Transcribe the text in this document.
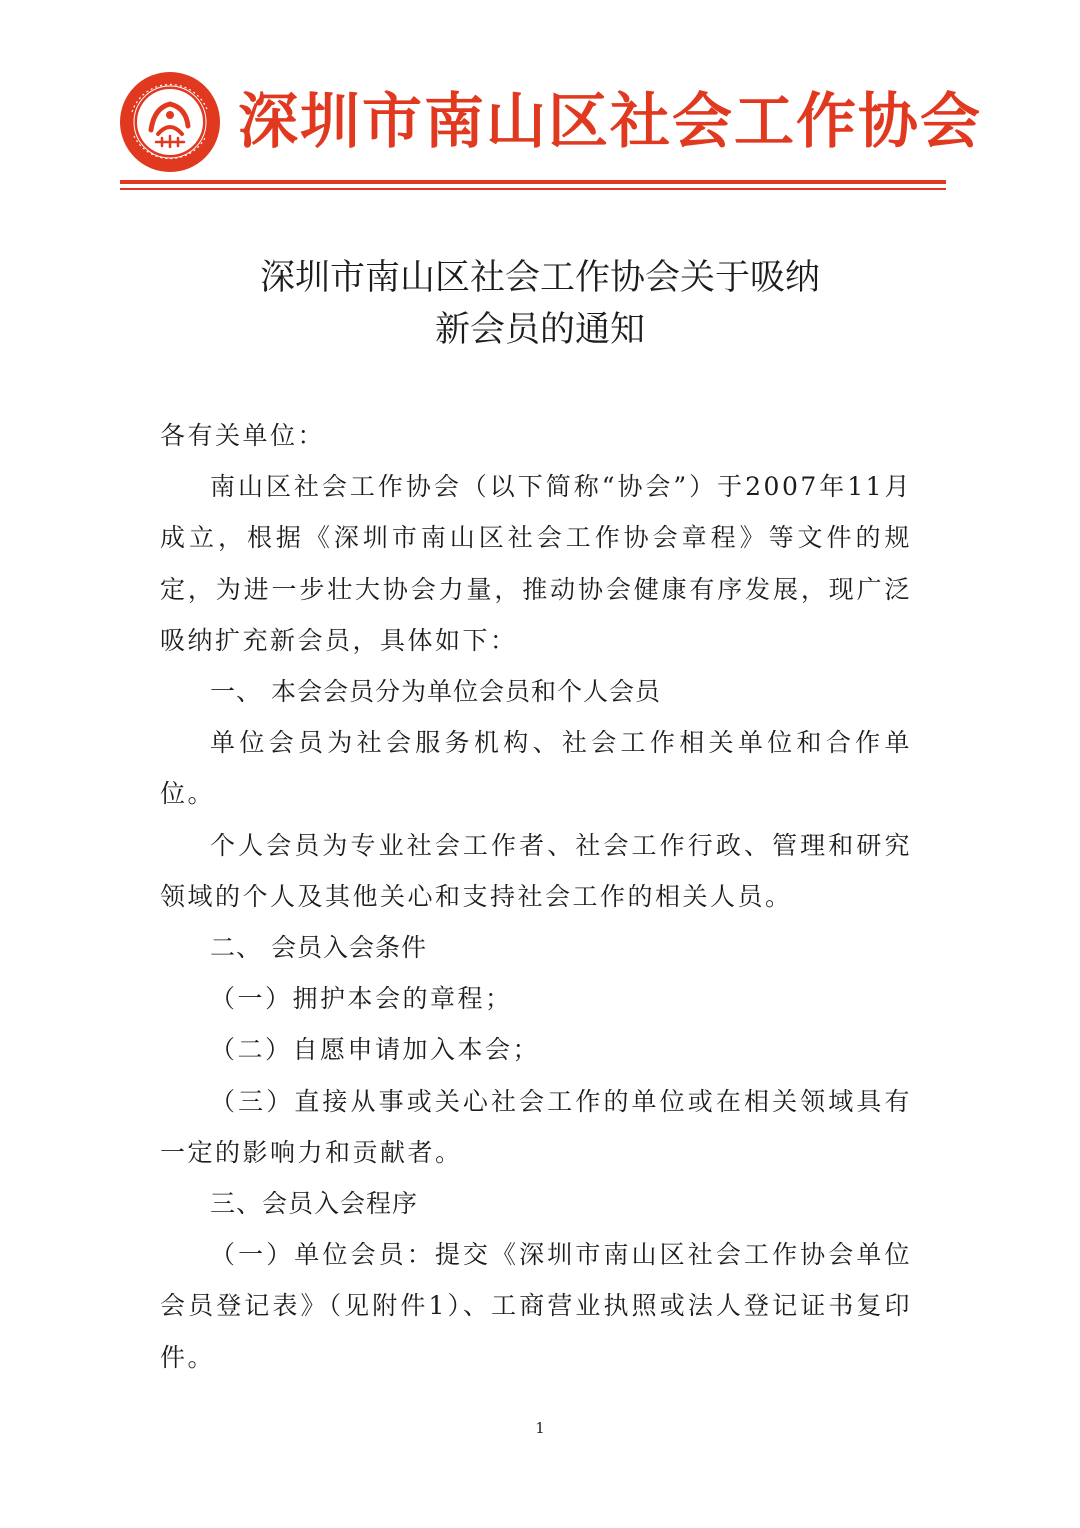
深圳市南山区社会工作协会
深圳市南山区社会工作协会关于吸纳
新会员的通知

各有关单位：

南山区社会工作协会（以下简称“协会”）于2007年11月成立，根据《深圳市南山区社会工作协会章程》等文件的规定，为进一步壮大协会力量，推动协会健康有序发展，现广泛吸纳扩充新会员，具体如下：

一、 本会会员分为单位会员和个人会员

单位会员为社会服务机构、社会工作相关单位和合作单位。

个人会员为专业社会工作者、社会工作行政、管理和研究领域的个人及其他关心和支持社会工作的相关人员。

二、 会员入会条件

（一）拥护本会的章程；

（二）自愿申请加入本会；

（三）直接从事或关心社会工作的单位或在相关领域具有一定的影响力和贡献者。

三、会员入会程序

（一）单位会员：提交《深圳市南山区社会工作协会单位会员登记表》（见附件1）、工商营业执照或法人登记证书复印件。

1
